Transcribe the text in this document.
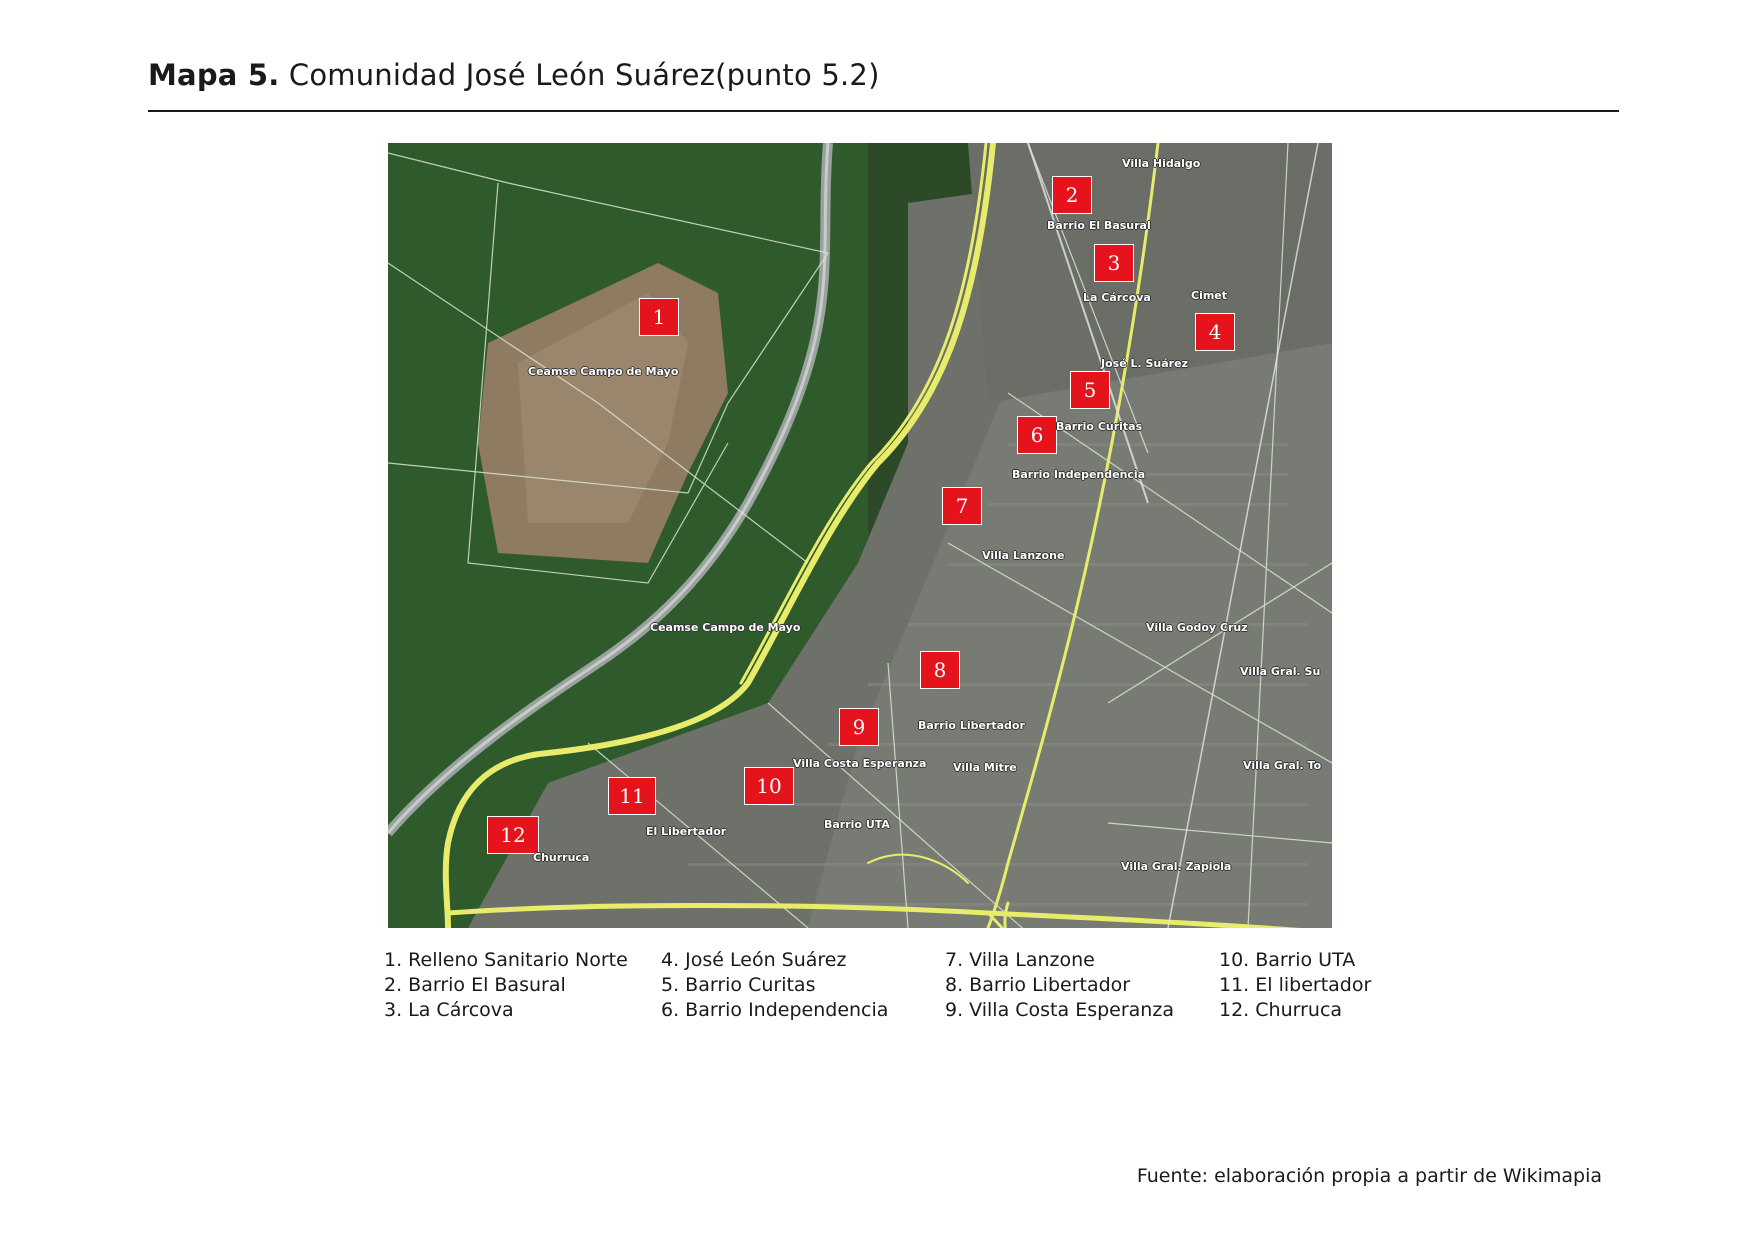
Mapa 5. Comunidad José León Suárez(punto 5.2)
1
2
3
4
5
6
7
8
9
10
11
12
Villa Hidalgo
Barrio El Basural
La Cárcova	Cimet
José L. Suárez
Barrio Curitas
Barrio Independencia
Villa Lanzone
Ceamse Campo de Mayo
Ceamse Campo de Mayo	Villa Godoy Cruz
Villa Gral. Su
Barrio Libertador
Villa Costa Esperanza Villa Mitre	Villa Gral. To
Barrio UTA
El Libertador
Churruca
Villa Gral. Zapiola
1. Relleno Sanitario Norte
2. Barrio El Basural
3. La Cárcova
4. José León Suárez
5. Barrio Curitas
6. Barrio Independencia
7. Villa Lanzone
8. Barrio Libertador
9. Villa Costa Esperanza
10. Barrio UTA
11. El libertador
12. Churruca
Fuente: elaboración propia a partir de Wikimapia
